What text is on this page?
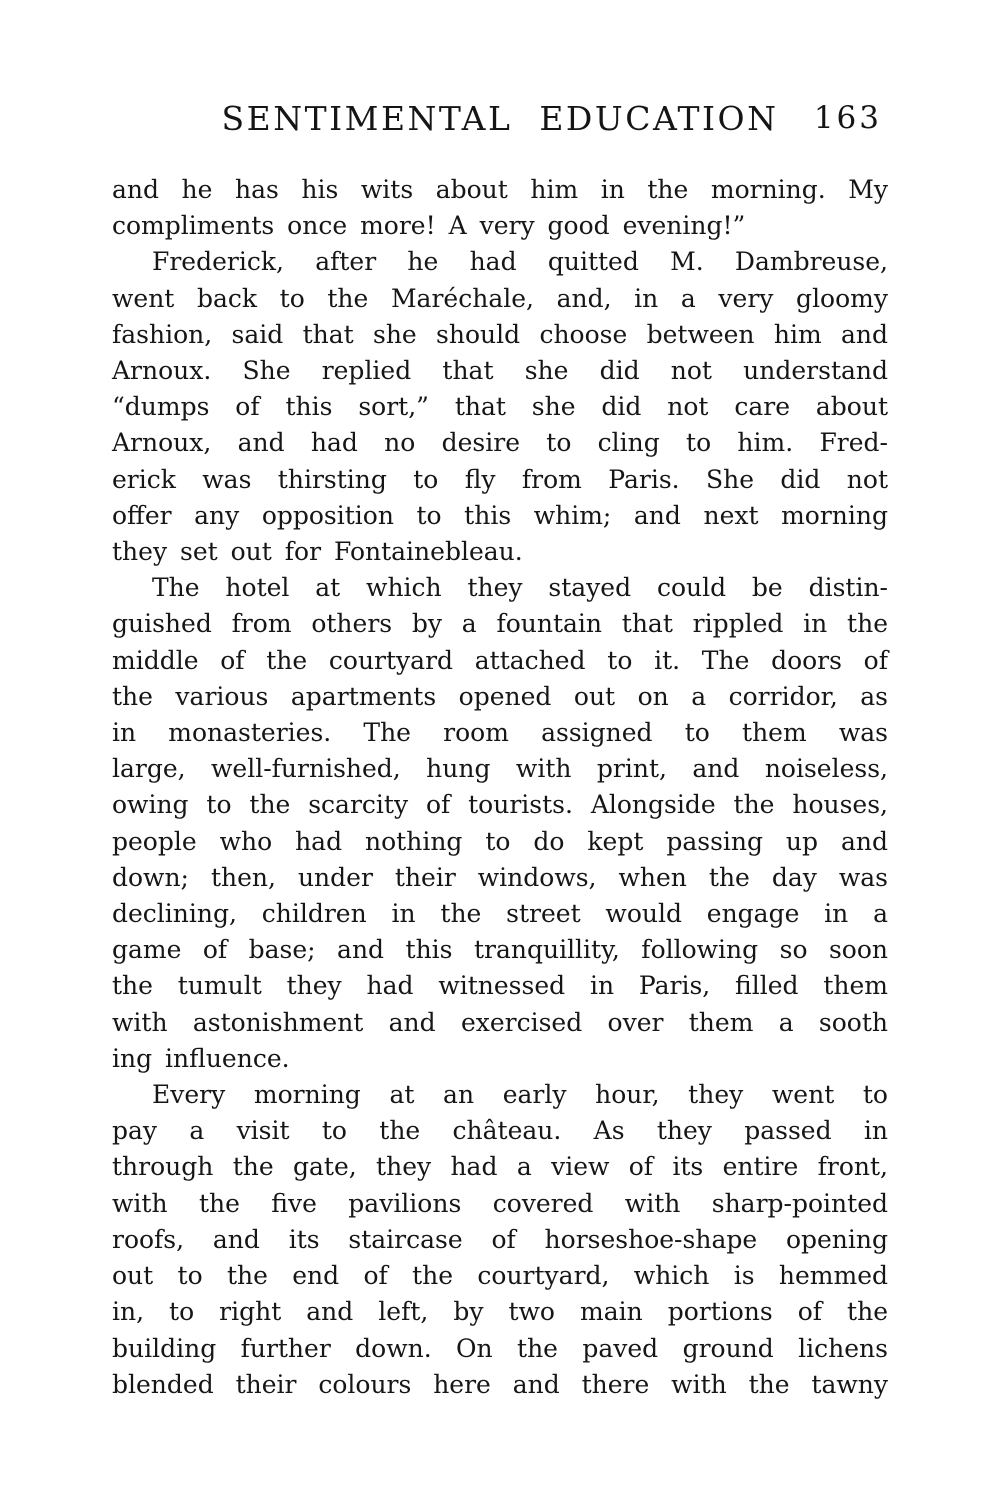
SENTIMENTAL EDUCATION	163
and he has his wits about him in the morning. My
compliments once more! A very good evening!”
Frederick, after he had quitted M. Dambreuse,
went back to the Maréchale, and, in a very gloomy
fashion, said that she should choose between him and
Arnoux. She replied that she did not understand
“dumps of this sort,” that she did not care about
Arnoux, and had no desire to cling to him. Fred-
erick was thirsting to fly from Paris. She did not
offer any opposition to this whim; and next morning
they set out for Fontainebleau.
The hotel at which they stayed could be distin-
guished from others by a fountain that rippled in the
middle of the courtyard attached to it. The doors of
the various apartments opened out on a corridor, as
in monasteries. The room assigned to them was
large, well-furnished, hung with print, and noiseless,
owing to the scarcity of tourists. Alongside the houses,
people who had nothing to do kept passing up and
down; then, under their windows, when the day was
declining, children in the street would engage in a
game of base; and this tranquillity, following so soon
the tumult they had witnessed in Paris, filled them
with astonishment and exercised over them a sooth
ing influence.
Every morning at an early hour, they went to
pay a visit to the château. As they passed in
through the gate, they had a view of its entire front,
with the five pavilions covered with sharp-pointed
roofs, and its staircase of horseshoe-shape opening
out to the end of the courtyard, which is hemmed
in, to right and left, by two main portions of the
building further down. On the paved ground lichens
blended their colours here and there with the tawny
